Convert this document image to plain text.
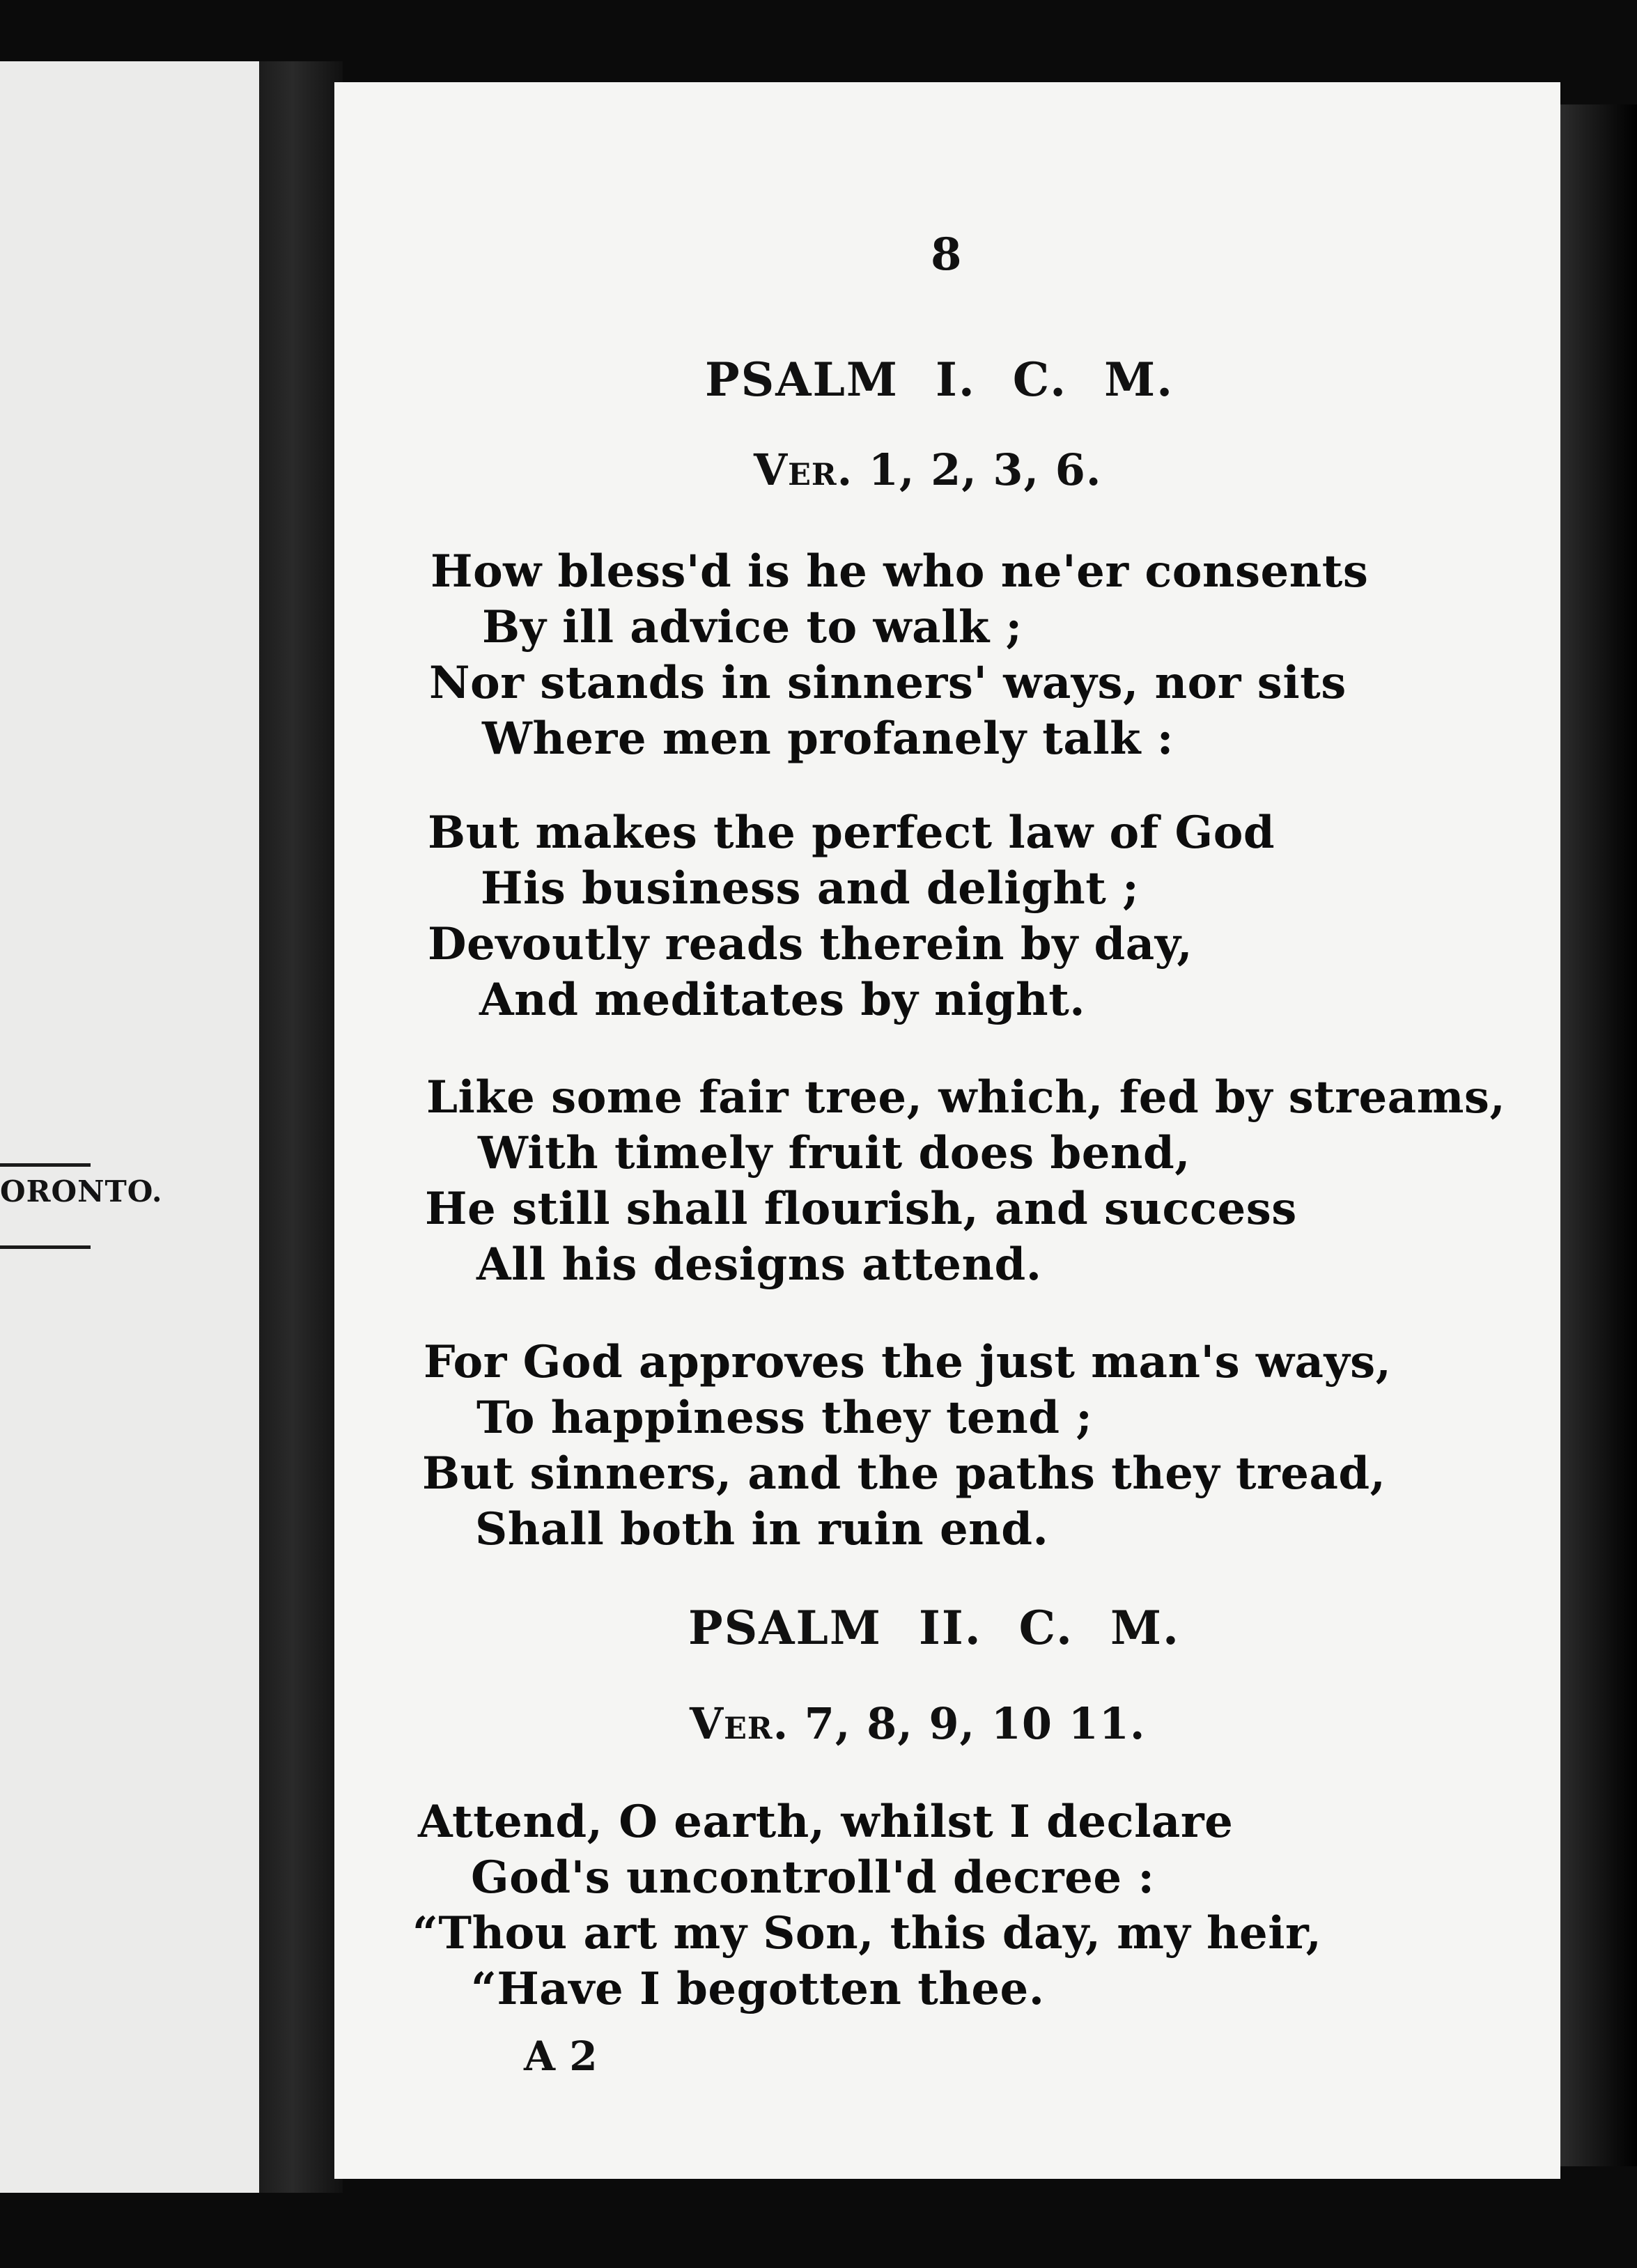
ORONTO.
8
PSALM I. C. M.
Ver. 1, 2, 3, 6.
How bless'd is he who ne'er consents
By ill advice to walk ;
Nor stands in sinners' ways, nor sits
Where men profanely talk :
But makes the perfect law of God
His business and delight ;
Devoutly reads therein by day,
And meditates by night.
Like some fair tree, which, fed by streams,
With timely fruit does bend,
He still shall flourish, and success
All his designs attend.
For God approves the just man's ways,
To happiness they tend ;
But sinners, and the paths they tread,
Shall both in ruin end.
PSALM II. C. M.
Ver. 7, 8, 9, 10 11.
Attend, O earth, whilst I declare
God's uncontroll'd decree :
“Thou art my Son, this day, my heir,
“Have I begotten thee.
A 2
